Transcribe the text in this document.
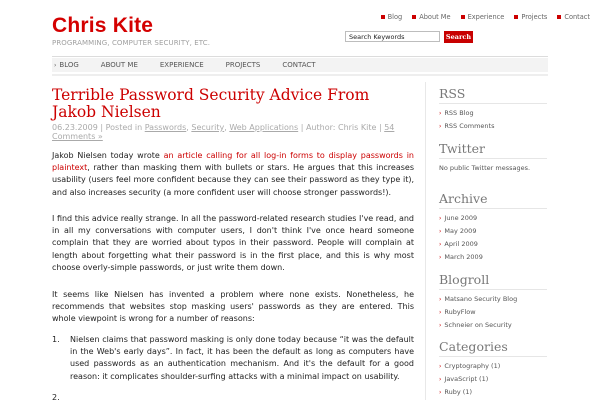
Chris Kite
PROGRAMMING, COMPUTER SECURITY, ETC.
Blog	About Me	Experience	Projects	Contact
Search Keywords
Search
› BLOG	ABOUT ME	EXPERIENCE	PROJECTS	CONTACT
Terrible Password Security Advice From Jakob Nielsen
06.23.2009 | Posted in Passwords, Security, Web Applications | Author: Chris Kite | 54 Comments »
Jakob Nielsen today wrote an article calling for all log-in forms to display passwords in plaintext, rather than masking them with bullets or stars. He argues that this increases usability (users feel more confident because they can see their password as they type it), and also increases security (a more confident user will choose stronger passwords!).
I find this advice really strange. In all the password-related research studies I've read, and in all my conversations with computer users, I don't think I've once heard someone complain that they are worried about typos in their password. People will complain at length about forgetting what their password is in the first place, and this is why most choose overly-simple passwords, or just write them down.
It seems like Nielsen has invented a problem where none exists. Nonetheless, he recommends that websites stop masking users' passwords as they are entered. This whole viewpoint is wrong for a number of reasons:
1. Nielsen claims that password masking is only done today because “it was the default in the Web's early days”. In fact, it has been the default as long as computers have used passwords as an authentication mechanism. And it's the default for a good reason: it complicates shoulder-surfing attacks with a minimal impact on usability.
2.
RSS
› RSS Blog
› RSS Comments
Twitter
No public Twitter messages.
Archive
› June 2009
› May 2009
› April 2009
› March 2009
Blogroll
› Matsano Security Blog
› RubyFlow
› Schneier on Security
Categories
› Cryptography (1)
› JavaScript (1)
› Ruby (1)
